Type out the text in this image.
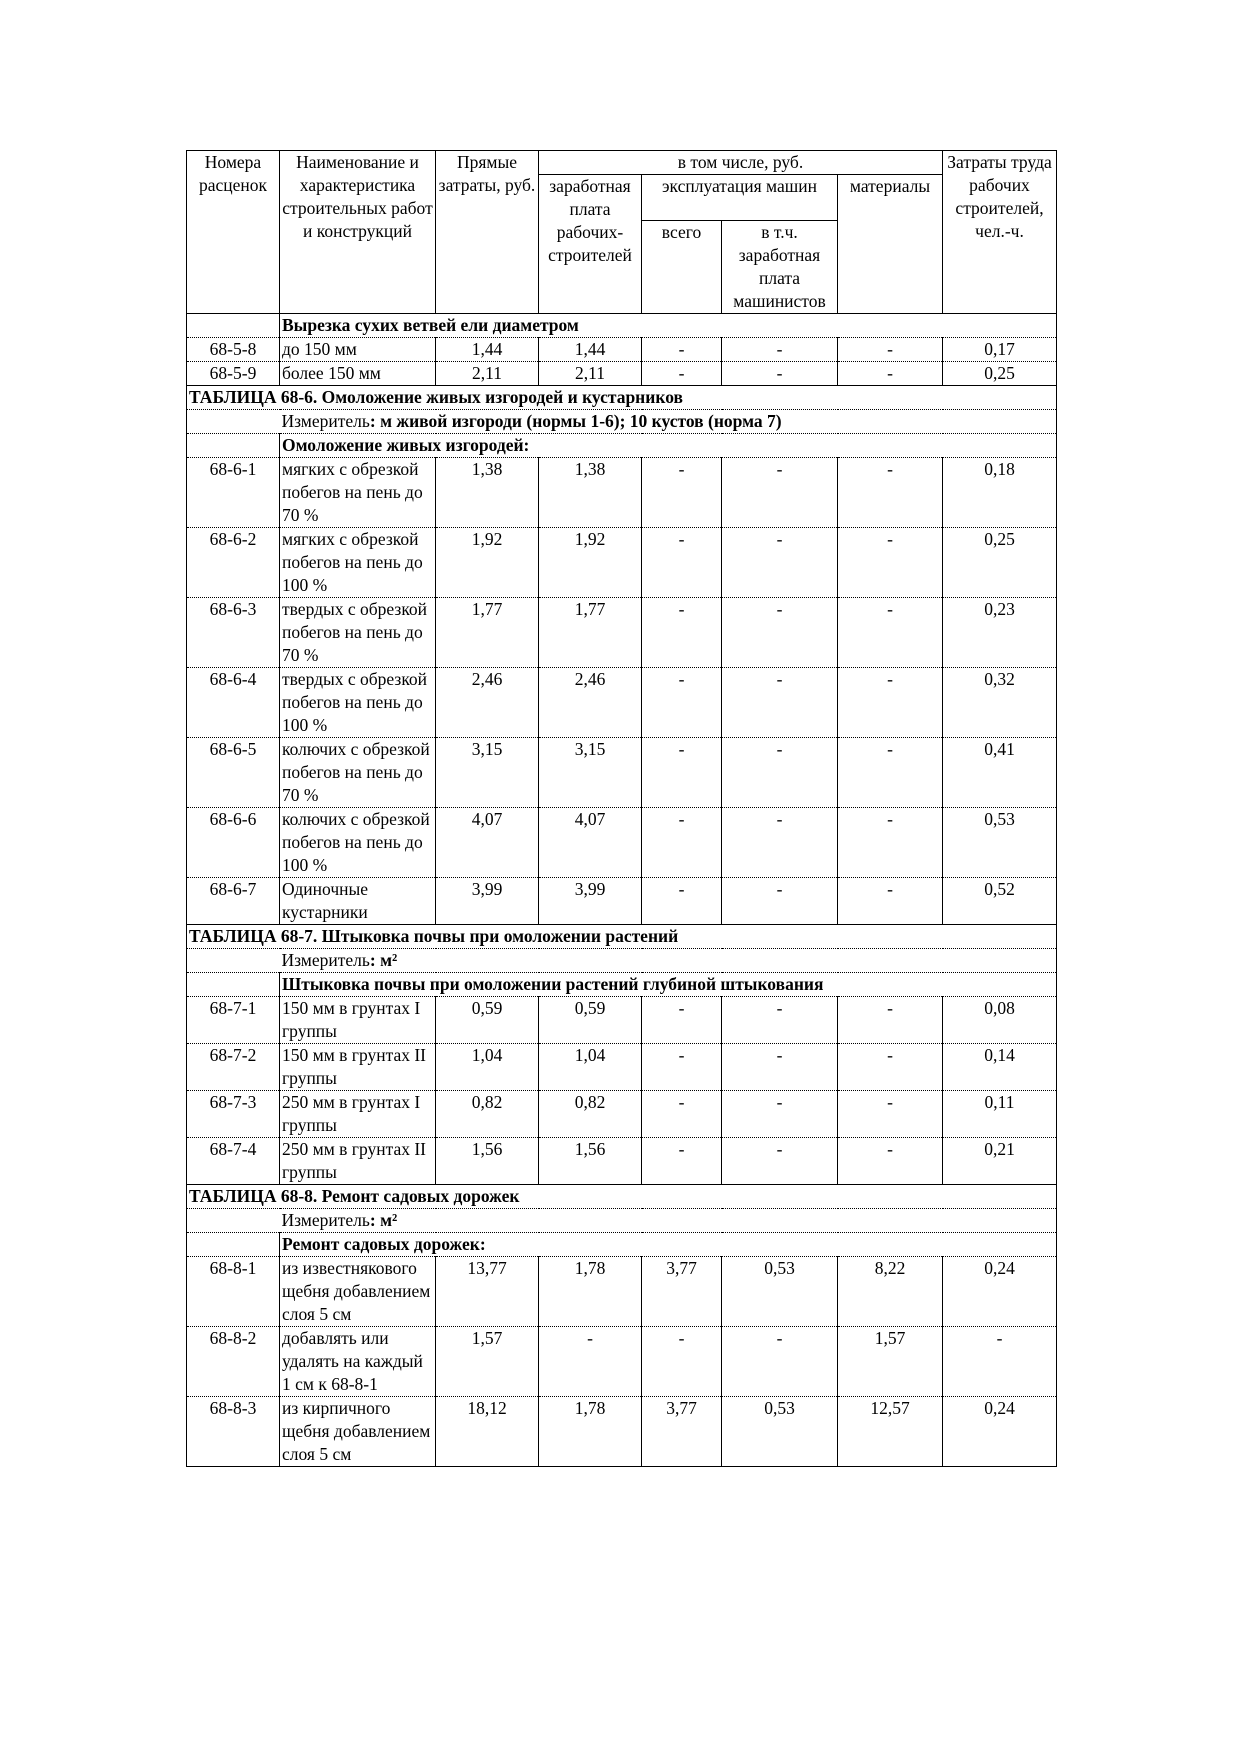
Номера расценок	Наименование и характеристика строительных работ и конструкций	Прямые затраты, руб.	в том числе, руб.				Затраты труда рабочих строителей, чел.-ч.
			заработная плата рабочих-строителей	эксплуатация машин		материалы	
				всего	в т.ч. заработная плата машинистов		
	Вырезка сухих ветвей ели диаметром						
68-5-8	до 150 мм	1,44	1,44	-	-	-	0,17
68-5-9	более 150 мм	2,11	2,11	-	-	-	0,25
ТАБЛИЦА 68-6. Омоложение живых изгородей и кустарников							
	Измеритель: м живой изгороди (нормы 1-6); 10 кустов (норма 7)						
	Омоложение живых изгородей:						
68-6-1	мягких с обрезкой побегов на пень до 70 %	1,38	1,38	-	-	-	0,18
68-6-2	мягких с обрезкой побегов на пень до 100 %	1,92	1,92	-	-	-	0,25
68-6-3	твердых с обрезкой побегов на пень до 70 %	1,77	1,77	-	-	-	0,23
68-6-4	твердых с обрезкой побегов на пень до 100 %	2,46	2,46	-	-	-	0,32
68-6-5	колючих с обрезкой побегов на пень до 70 %	3,15	3,15	-	-	-	0,41
68-6-6	колючих с обрезкой побегов на пень до 100 %	4,07	4,07	-	-	-	0,53
68-6-7	Одиночные кустарники	3,99	3,99	-	-	-	0,52
ТАБЛИЦА 68-7. Штыковка почвы при омоложении растений							
	Измеритель: м²						
	Штыковка почвы при омоложении растений глубиной штыкования						
68-7-1	150 мм в грунтах I группы	0,59	0,59	-	-	-	0,08
68-7-2	150 мм в грунтах II группы	1,04	1,04	-	-	-	0,14
68-7-3	250 мм в грунтах I группы	0,82	0,82	-	-	-	0,11
68-7-4	250 мм в грунтах II группы	1,56	1,56	-	-	-	0,21
ТАБЛИЦА 68-8. Ремонт садовых дорожек							
	Измеритель: м²						
	Ремонт садовых дорожек:						
68-8-1	из известнякового щебня добавлением слоя 5 см	13,77	1,78	3,77	0,53	8,22	0,24
68-8-2	добавлять или удалять на каждый 1 см к 68-8-1	1,57	-	-	-	1,57	-
68-8-3	из кирпичного щебня добавлением слоя 5 см	18,12	1,78	3,77	0,53	12,57	0,24
